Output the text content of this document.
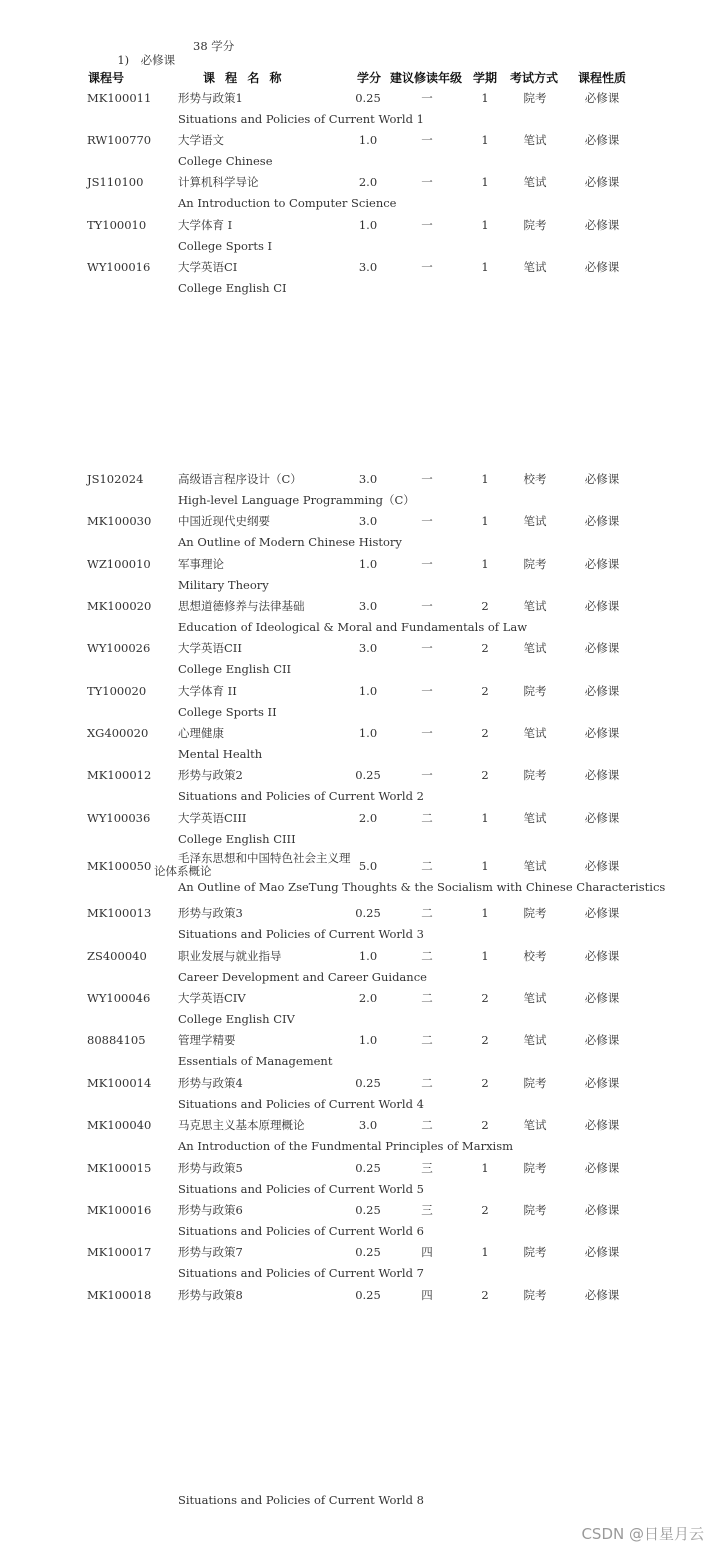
1)　必修课

38 学分

课程号	课 程 名 称	学分 建议修读年级 学期 考试方式 课程性质
MK100011 形势与政策1	0.25	一	1	院考	必修课
Situations and Policies of Current World 1
RW100770 大学语文	1.0	一	1	笔试	必修课
College Chinese
JS110100	计算机科学导论	2.0	一	1	笔试	必修课
An Introduction to Computer Science
TY100010	大学体育 I	1.0	一	1	院考	必修课
College Sports I
WY100016 大学英语CI	3.0	一	1	笔试	必修课
College English CI
JS102024	高级语言程序设计（C）	3.0	一	1	校考	必修课
High-level Language Programming（C）
MK100030 中国近现代史纲要	3.0	一	1	笔试	必修课
An Outline of Modern Chinese History
WZ100010 军事理论	1.0	一	1	院考	必修课
Military Theory
MK100020 思想道德修养与法律基础	3.0	一	2	笔试	必修课
Education of Ideological & Moral and Fundamentals of Law
WY100026 大学英语CII	3.0	一	2	笔试	必修课
College English CII
TY100020	大学体育 II	1.0	一	2	院考	必修课
College Sports II
XG400020	心理健康	1.0	一	2	笔试	必修课
Mental Health
MK100012 形势与政策2	0.25	一	2	院考	必修课
Situations and Policies of Current World 2
WY100036 大学英语CIII	2.0	二	1	笔试	必修课
College English CIII
MK100050
毛泽东思想和中国特色社会主义理论体系概论	5.0	二	1	笔试	必修课
An Outline of Mao ZseTung Thoughts & the Socialism with Chinese Characteristics
MK100013 形势与政策3	0.25	二	1	院考	必修课
Situations and Policies of Current World 3
ZS400040	职业发展与就业指导	1.0	二	1	校考	必修课
Career Development and Career Guidance
WY100046 大学英语CIV	2.0	二	2	笔试	必修课
College English CIV
80884105	管理学精要	1.0	二	2	笔试	必修课
Essentials of Management
MK100014 形势与政策4	0.25	二	2	院考	必修课
Situations and Policies of Current World 4
MK100040 马克思主义基本原理概论	3.0	二	2	笔试	必修课
An Introduction of the Fundmental Principles of Marxism
MK100015 形势与政策5	0.25	三	1	院考	必修课
Situations and Policies of Current World 5
MK100016 形势与政策6	0.25	三	2	院考	必修课
Situations and Policies of Current World 6
MK100017 形势与政策7	0.25	四	1	院考	必修课
Situations and Policies of Current World 7
MK100018 形势与政策8	0.25	四	2	院考	必修课
Situations and Policies of Current World 8
CSDN @日星月云
